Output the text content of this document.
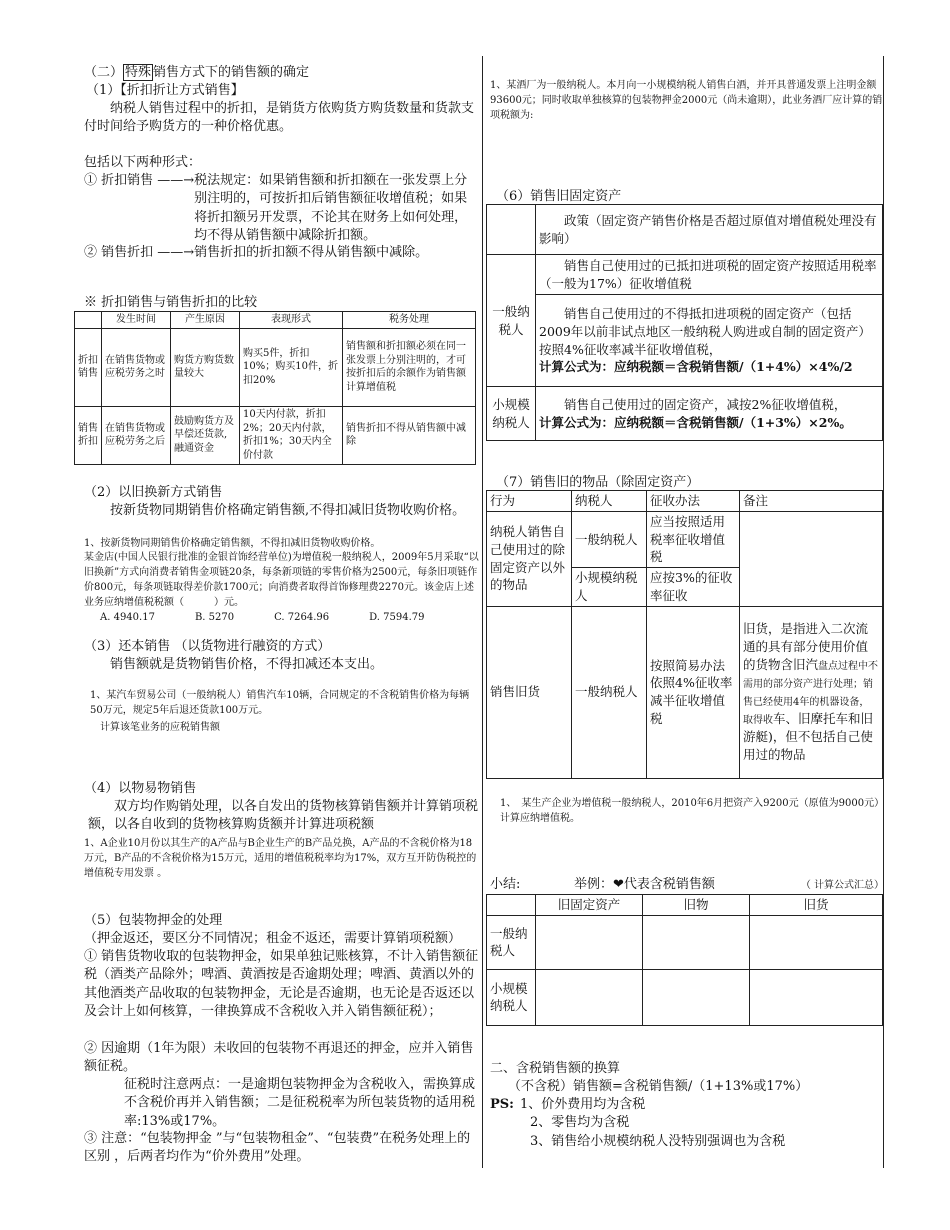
（二） 特殊 销售方式下的销售额的确定
（1）【折扣折让方式销售】
纳税人销售过程中的折扣，是销货方依购货方购货数量和货款支付时间给予购货方的一种价格优惠。
包括以下两种形式：
① 折扣销售 ——→ 税法规定：如果销售额和折扣额在一张发票上分别注明的，可按折扣后销售额征收增值税；如果将折扣额另开发票，不论其在财务上如何处理，均不得从销售额中减除折扣额。
② 销售折扣 ——→ 销售折扣的折扣额不得从销售额中减除。
※ 折扣销售与销售折扣的比较
	发生时间	产生原因	表现形式	税务处理
折扣销售	在销售货物或应税劳务之时	购货方购货数量较大	购买5件，折扣10%；购买10件，折扣20%	销售额和折扣额必须在同一张发票上分别注明的，才可按折扣后的余额作为销售额计算增值税
销售折扣	在销售货物或应税劳务之后	鼓励购货方及早偿还货款,融通资金	10天内付款，折扣2%；20天内付款，折扣1%；30天内全价付款	销售折扣不得从销售额中减除
（2）以旧换新方式销售
按新货物同期销售价格确定销售额,不得扣减旧货物收购价格。
1、按新货物同期销售价格确定销售额，不得扣减旧货物收购价格。
某金店(中国人民银行批准的金银首饰经营单位)为增值税一般纳税人，2009年5月采取“以旧换新”方式向消费者销售金项链20条，每条新项链的零售价格为2500元，每条旧项链作价800元，每条项链取得差价款1700元；向消费者取得首饰修理费2270元。该金店上述业务应纳增值税税额（　　　）元。
A. 4940.17	B. 5270	C. 7264.96	D. 7594.79
（3）还本销售 （以货物进行融资的方式）
销售额就是货物销售价格，不得扣减还本支出。
1、某汽车贸易公司（一般纳税人）销售汽车10辆，合同规定的不含税销售价格为每辆50万元，规定5年后退还货款100万元。
计算该笔业务的应税销售额
（4）以物易物销售
双方均作购销处理，以各自发出的货物核算销售额并计算销项税额，以各自收到的货物核算购货额并计算进项税额
1、A企业10月份以其生产的A产品与B企业生产的B产品兑换，A产品的不含税价格为18万元，B产品的不含税价格为15万元，适用的增值税税率均为17%，双方互开防伪税控的增值税专用发票 。
（5）包装物押金的处理
（押金返还，要区分不同情况；租金不返还，需要计算销项税额）
① 销售货物收取的包装物押金，如果单独记账核算，不计入销售额征税（酒类产品除外；啤酒、黄酒按是否逾期处理；啤酒、黄酒以外的其他酒类产品收取的包装物押金，无论是否逾期，也无论是否返还以及会计上如何核算，一律换算成不含税收入并入销售额征税）；
② 因逾期（1年为限）未收回的包装物不再退还的押金，应并入销售额征税。
征税时注意两点：一是逾期包装物押金为含税收入，需换算成不含税价再并入销售额；二是征税税率为所包装货物的适用税率:13%或17%。
③ 注意：“包装物押金 ”与“包装物租金”、“包装费”在税务处理上的区别 ，后两者均作为“价外费用”处理。
1、某酒厂为一般纳税人。本月向一小规模纳税人销售白酒，并开具普通发票上注明金额93600元；同时收取单独核算的包装物押金2000元（尚未逾期），此业务酒厂应计算的销项税额为:
（6）销售旧固定资产
	政策（固定资产销售价格是否超过原值对增值税处理没有影响）
一般纳税人	销售自己使用过的已抵扣进项税的固定资产按照适用税率（一般为17%）征收增值税

	销售自己使用过的不得抵扣进项税的固定资产（包括2009年以前非试点地区一般纳税人购进或自制的固定资产）按照4%征收率减半征收增值税，
计算公式为：应纳税额＝含税销售额/（1+4%）×4%/2

小规模纳税人	销售自己使用过的固定资产，减按2%征收增值税，
计算公式为：应纳税额＝含税销售额/（1+3%）×2%。
（7）销售旧的物品（除固定资产）
行为	纳税人	征收办法	备注
纳税人销售自己使用过的除固定资产以外的物品	一般纳税人	应当按照适用税率征收增值税	
	小规模纳税人	应按3%的征收率征收	
销售旧货	一般纳税人	按照简易办法依照4%征收率减半征收增值税	旧货，是指进入二次流通的具有部分使用价值的货物含旧汽盘点过程中不需用的部分资产进行处理；销售已经使用4年的机器设备，取得收车、旧摩托车和旧游艇)，但不包括自己使用过的物品
1、　某生产企业为增值税一般纳税人，2010年6月把资产入9200元（原值为9000元）计算应纳增值税。
小结:	举例：❤代表含税销售额	（ 计算公式汇总）
	旧固定资产	旧物	旧货
一般纳税人			
小规模纳税人			
二、含税销售额的换算
（不含税）销售额=含税销售额/（1+13%或17%）
PS: 1、价外费用均为含税
2、零售均为含税
3、销售给小规模纳税人没特别强调也为含税
